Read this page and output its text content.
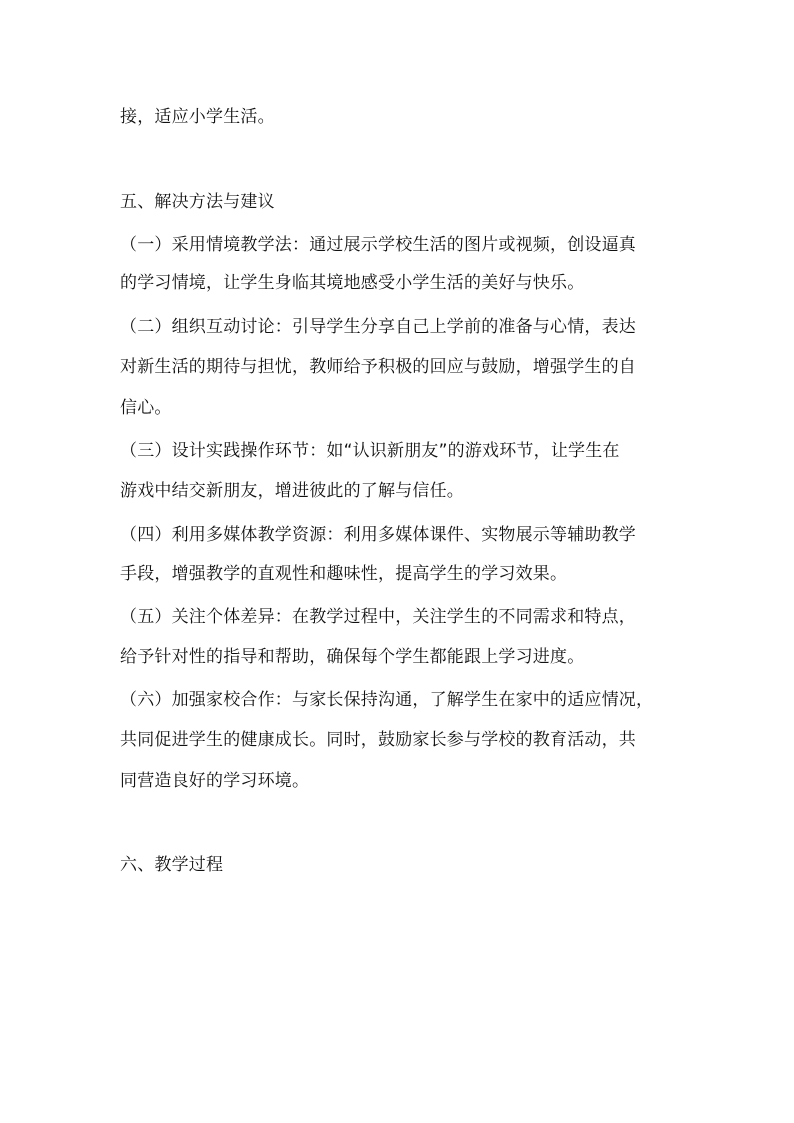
接，适应小学生活。
五、解决方法与建议
（一）采用情境教学法：通过展示学校生活的图片或视频，创设逼真
的学习情境，让学生身临其境地感受小学生活的美好与快乐。
（二）组织互动讨论：引导学生分享自己上学前的准备与心情，表达
对新生活的期待与担忧，教师给予积极的回应与鼓励，增强学生的自
信心。
（三）设计实践操作环节：如“认识新朋友”的游戏环节，让学生在
游戏中结交新朋友，增进彼此的了解与信任。
（四）利用多媒体教学资源：利用多媒体课件、实物展示等辅助教学
手段，增强教学的直观性和趣味性，提高学生的学习效果。
（五）关注个体差异：在教学过程中，关注学生的不同需求和特点，
给予针对性的指导和帮助，确保每个学生都能跟上学习进度。
（六）加强家校合作：与家长保持沟通，了解学生在家中的适应情况，
共同促进学生的健康成长。同时，鼓励家长参与学校的教育活动，共
同营造良好的学习环境。
六、教学过程
